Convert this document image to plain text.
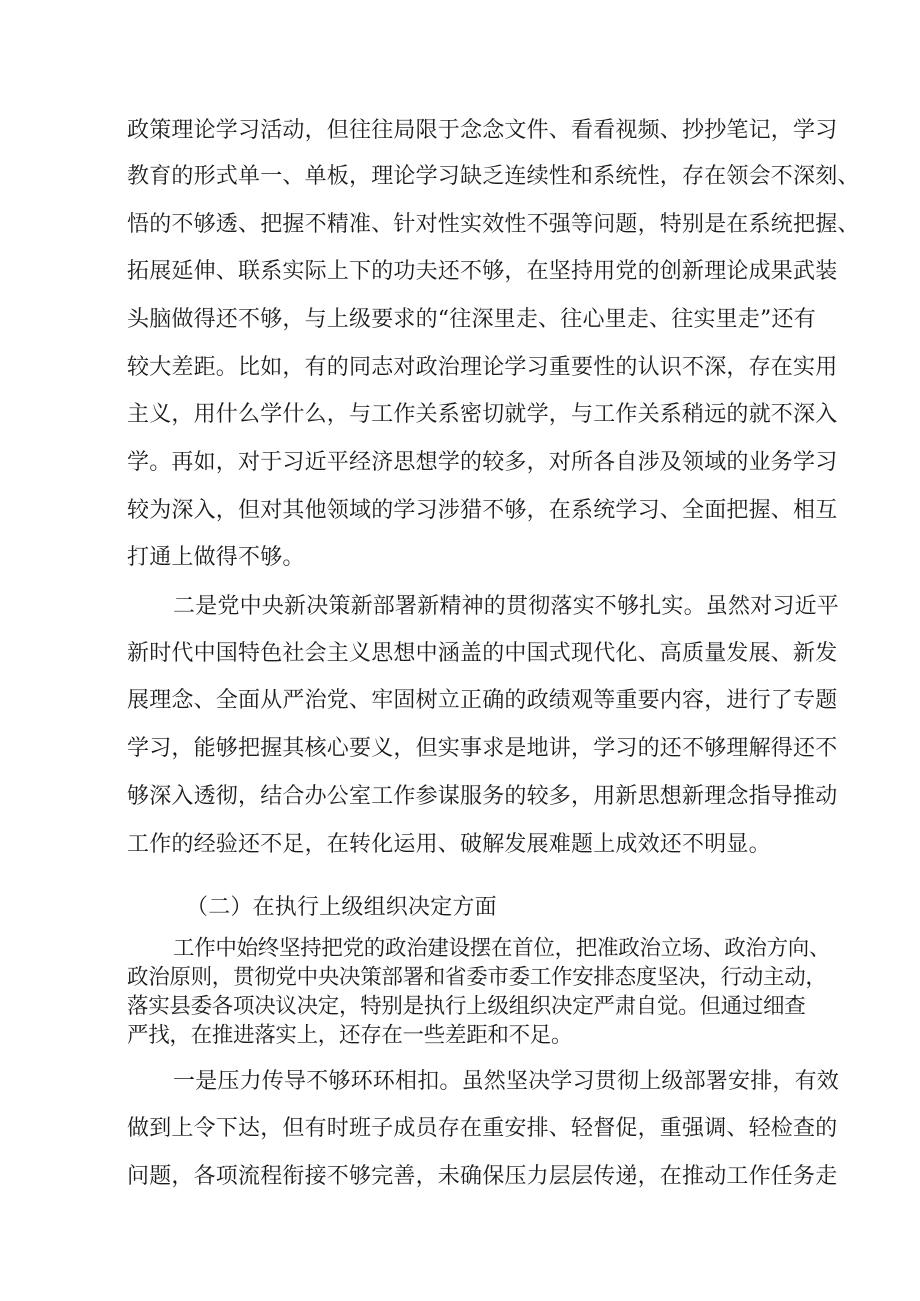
政策理论学习活动，但往往局限于念念文件、看看视频、抄抄笔记，学习
教育的形式单一、单板，理论学习缺乏连续性和系统性，存在领会不深刻、
悟的不够透、把握不精准、针对性实效性不强等问题，特别是在系统把握、
拓展延伸、联系实际上下的功夫还不够，在坚持用党的创新理论成果武装
头脑做得还不够，与上级要求的“往深里走、往心里走、往实里走”还有
较大差距。比如，有的同志对政治理论学习重要性的认识不深，存在实用
主义，用什么学什么，与工作关系密切就学，与工作关系稍远的就不深入
学。再如，对于习近平经济思想学的较多，对所各自涉及领域的业务学习
较为深入，但对其他领域的学习涉猎不够，在系统学习、全面把握、相互
打通上做得不够。
二是党中央新决策新部署新精神的贯彻落实不够扎实。虽然对习近平
新时代中国特色社会主义思想中涵盖的中国式现代化、高质量发展、新发
展理念、全面从严治党、牢固树立正确的政绩观等重要内容，进行了专题
学习，能够把握其核心要义，但实事求是地讲，学习的还不够理解得还不
够深入透彻，结合办公室工作参谋服务的较多，用新思想新理念指导推动
工作的经验还不足，在转化运用、破解发展难题上成效还不明显。
（二）在执行上级组织决定方面
工作中始终坚持把党的政治建设摆在首位，把准政治立场、政治方向、
政治原则，贯彻党中央决策部署和省委市委工作安排态度坚决，行动主动，
落实县委各项决议决定，特别是执行上级组织决定严肃自觉。但通过细查
严找，在推进落实上，还存在一些差距和不足。
一是压力传导不够环环相扣。虽然坚决学习贯彻上级部署安排，有效
做到上令下达，但有时班子成员存在重安排、轻督促，重强调、轻检查的
问题，各项流程衔接不够完善，未确保压力层层传递，在推动工作任务走
